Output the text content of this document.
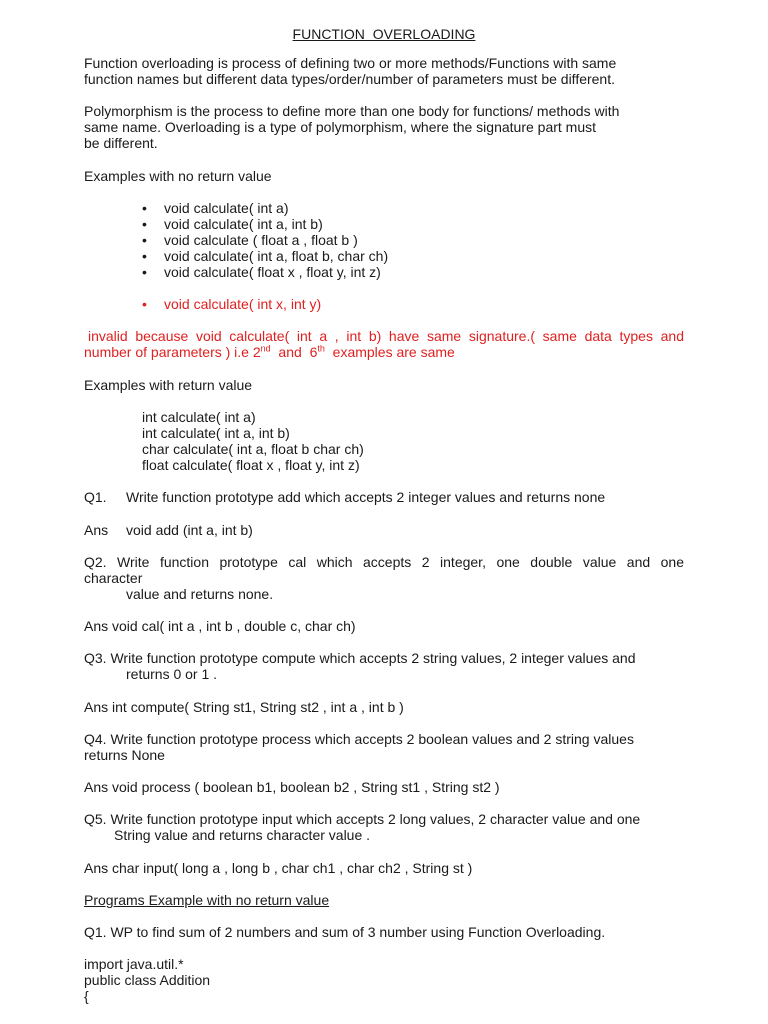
FUNCTION OVERLOADING
Function overloading is process of defining two or more methods/Functions with same
function names but different data types/order/number of parameters must be different.
Polymorphism is the process to define more than one body for functions/ methods with
same name. Overloading is a type of polymorphism, where the signature part must
be different.
Examples with no return value
• void calculate( int a)
• void calculate( int a, int b)
• void calculate ( float a , float b )
• void calculate( int a, float b, char ch)
• void calculate( float x , float y, int z)
• void calculate( int x, int y)
invalid because void calculate( int a , int b) have same signature.( same data types and
number of parameters ) i.e 2nd  and  6th  examples are same
Examples with return value
int calculate( int a)
int calculate( int a, int b)
char calculate( int a, float b char ch)
float calculate( float x , float y, int z)
Q1. Write function prototype add which accepts 2 integer values and returns none
Ans void add (int a, int b)
Q2. Write function prototype cal which accepts 2 integer, one double value and one
character
value and returns none.
Ans void cal( int a , int b , double c, char ch)
Q3. Write function prototype compute which accepts 2 string values, 2 integer values and
returns 0 or 1 .
Ans int compute( String st1, String st2 , int a , int b )
Q4. Write function prototype process which accepts 2 boolean values and 2 string values
returns None
Ans void process ( boolean b1, boolean b2 , String st1 , String st2 )
Q5. Write function prototype input which accepts 2 long values, 2 character value and one
String value and returns character value .
Ans char input( long a , long b , char ch1 , char ch2 , String st )
Programs Example with no return value
Q1. WP to find sum of 2 numbers and sum of 3 number using Function Overloading.
import java.util.*
public class Addition
{
